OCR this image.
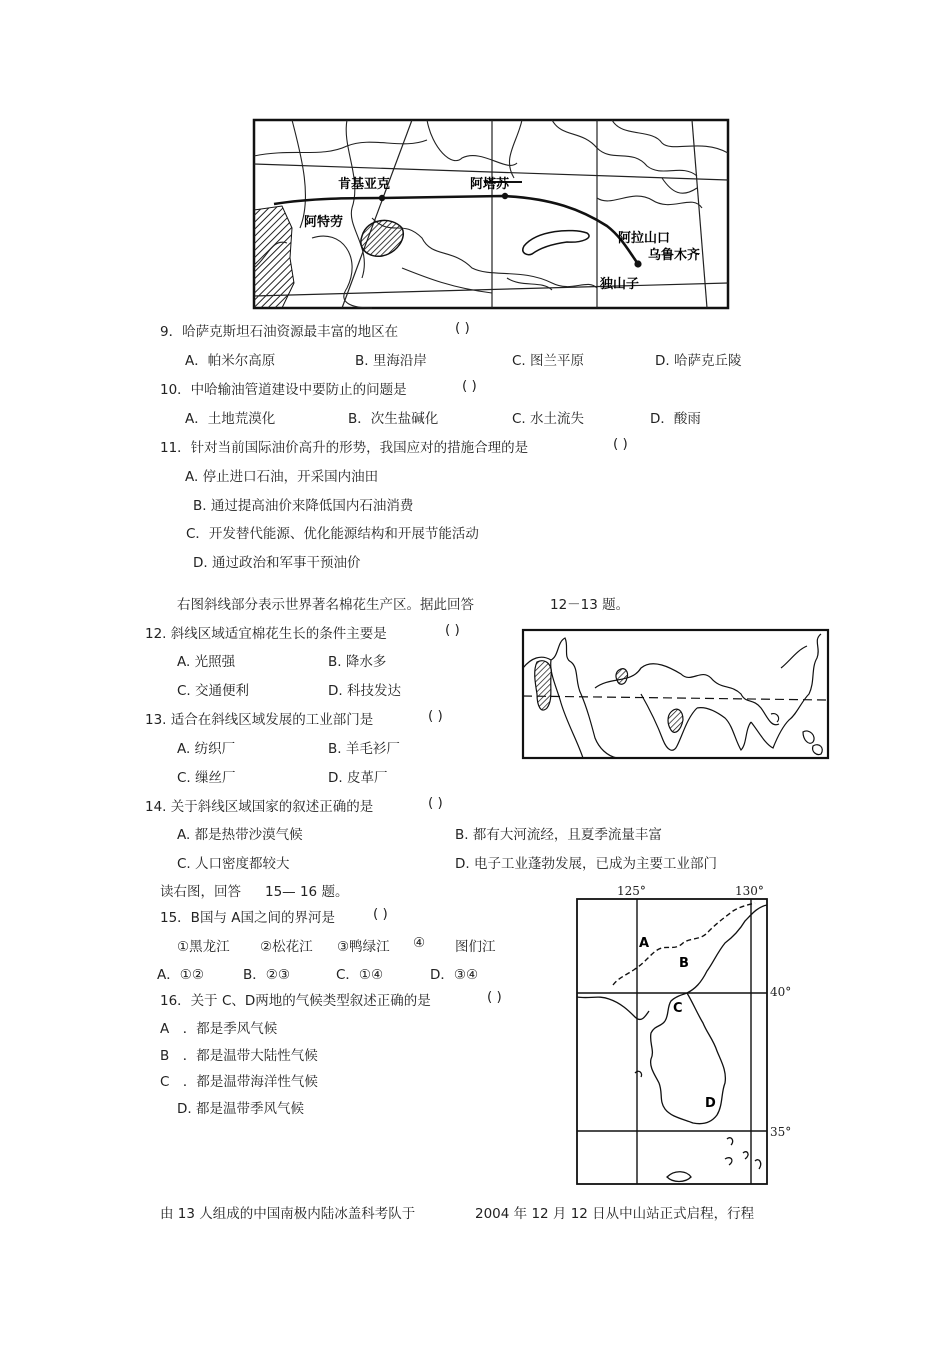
肯基亚克	阿塔苏
阿特劳
阿拉山口
乌鲁木齐
独山子
9．哈萨克斯坦石油资源最丰富的地区在	( )
A．帕米尔高原	B. 里海沿岸	C. 图兰平原	D. 哈萨克丘陵
10．中哈输油管道建设中要防止的问题是	( )
A．土地荒漠化	B．次生盐碱化	C. 水土流失	D．酸雨
11．针对当前国际油价高升的形势，我国应对的措施合理的是	( )
A. 停止进口石油，开采国内油田
B. 通过提高油价来降低国内石油消费
C．开发替代能源、优化能源结构和开展节能活动
D. 通过政治和军事干预油价
右图斜线部分表示世界著名棉花生产区。据此回答	12－13 题。
12. 斜线区域适宜棉花生长的条件主要是	( )
A. 光照强	B. 降水多
C. 交通便利	D. 科技发达
13. 适合在斜线区域发展的工业部门是	( )
A. 纺织厂	B. 羊毛衫厂
C. 缫丝厂	D. 皮革厂
14. 关于斜线区域国家的叙述正确的是	( )
A. 都是热带沙漠气候	B. 都有大河流经，且夏季流量丰富
C. 人口密度都较大	D. 电子工业蓬勃发展，已成为主要工业部门
读右图，回答 15— 16 题。	125°	130°
40°
35°
A
B
C
D
15．B国与 A国之间的界河是	( )
①黑龙江 ②松花江 ③鸭绿江 ④ 图们江
A．①②	B．②③	C．①④	D．③④
16．关于 C、D两地的气候类型叙述正确的是	( )
A　．都是季风气候
B　．都是温带大陆性气候
C　．都是温带海洋性气候
D. 都是温带季风气候
由 13 人组成的中国南极内陆冰盖科考队于	2004 年 12 月 12 日从中山站正式启程，行程
